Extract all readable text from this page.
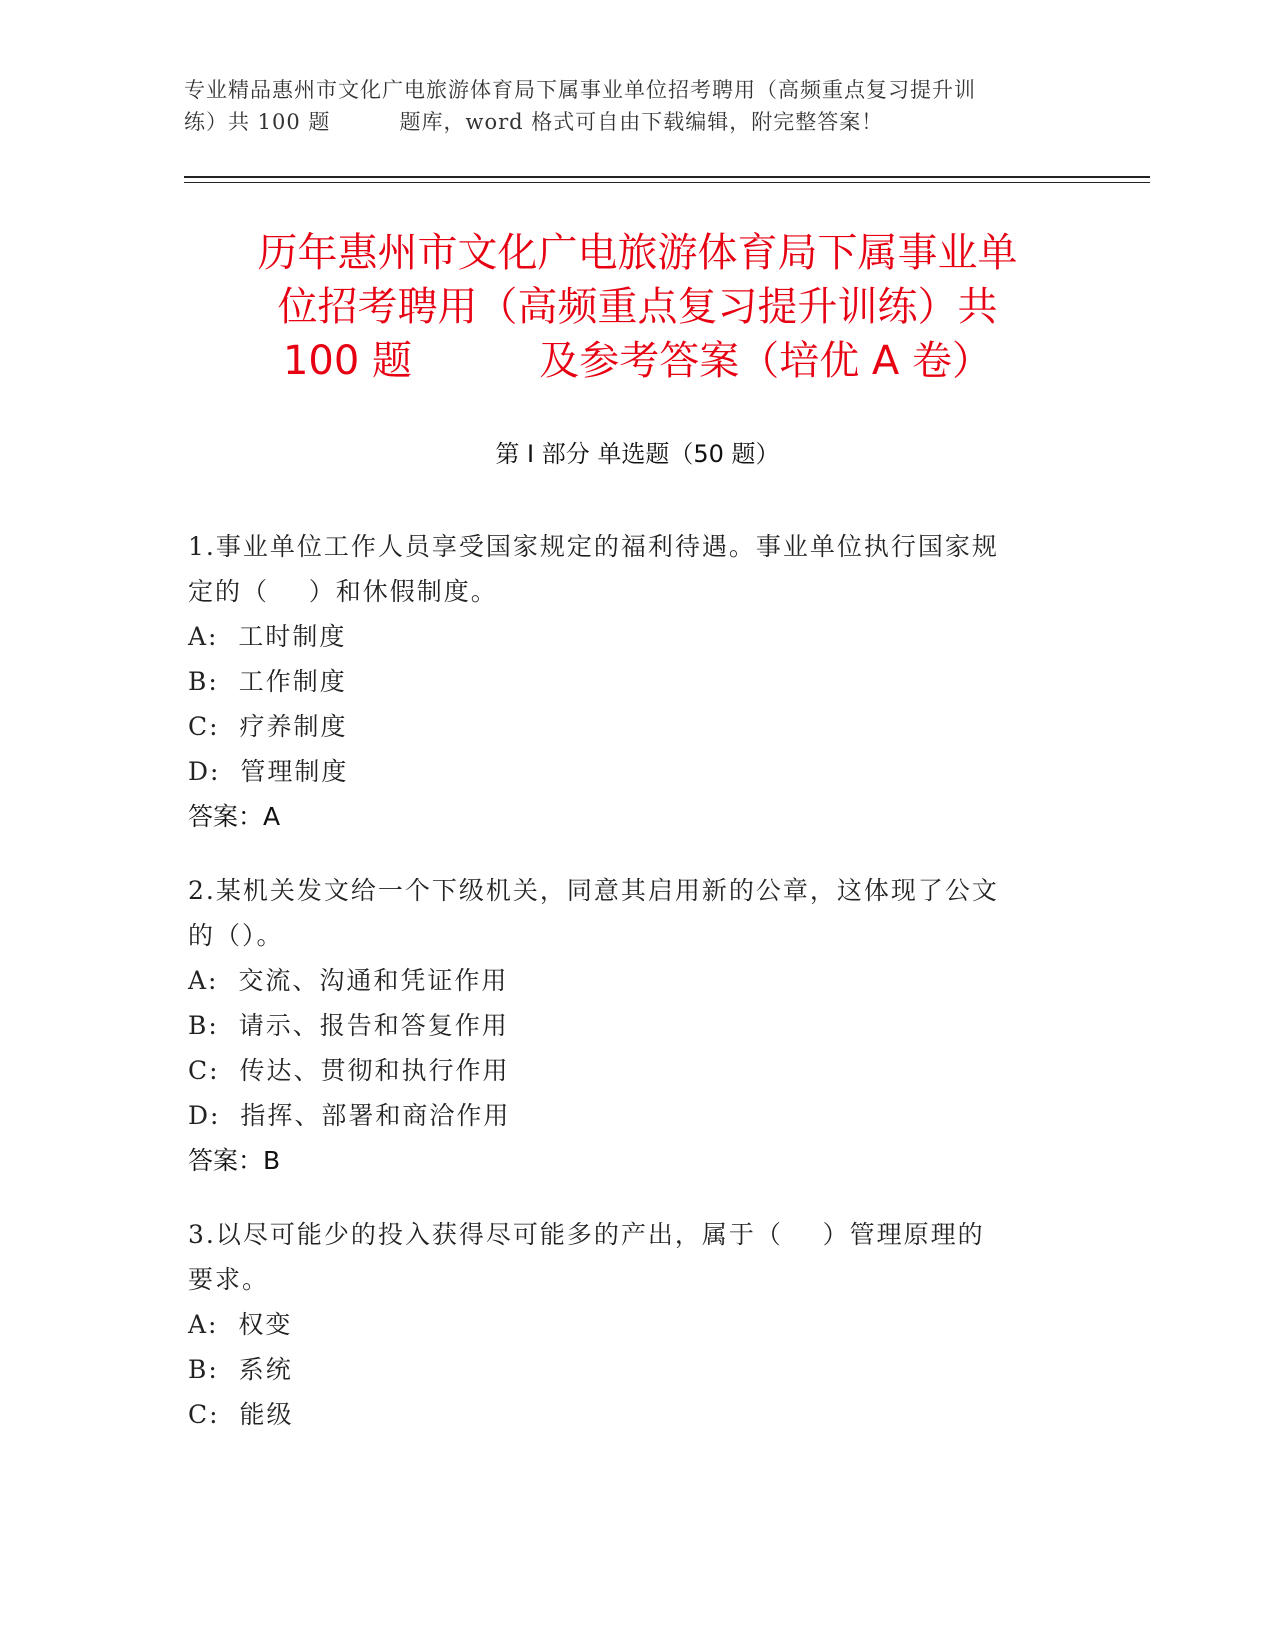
专业精品惠州市文化广电旅游体育局下属事业单位招考聘用（高频重点复习提升训
练）共 100 题         题库，word 格式可自由下载编辑，附完整答案！
历年惠州市文化广电旅游体育局下属事业单
位招考聘用（高频重点复习提升训练）共
100 题          及参考答案（培优 A 卷）
第 I 部分 单选题（50 题）
1.事业单位工作人员享受国家规定的福利待遇。事业单位执行国家规
定的（    ）和休假制度。
A:  工时制度
B:  工作制度
C:  疗养制度
D:  管理制度
答案：A
2.某机关发文给一个下级机关，同意其启用新的公章，这体现了公文
的（）。
A:  交流、沟通和凭证作用
B:  请示、报告和答复作用
C:  传达、贯彻和执行作用
D:  指挥、部署和商洽作用
答案：B
3.以尽可能少的投入获得尽可能多的产出，属于（    ）管理原理的
要求。
A:  权变
B:  系统
C:  能级
